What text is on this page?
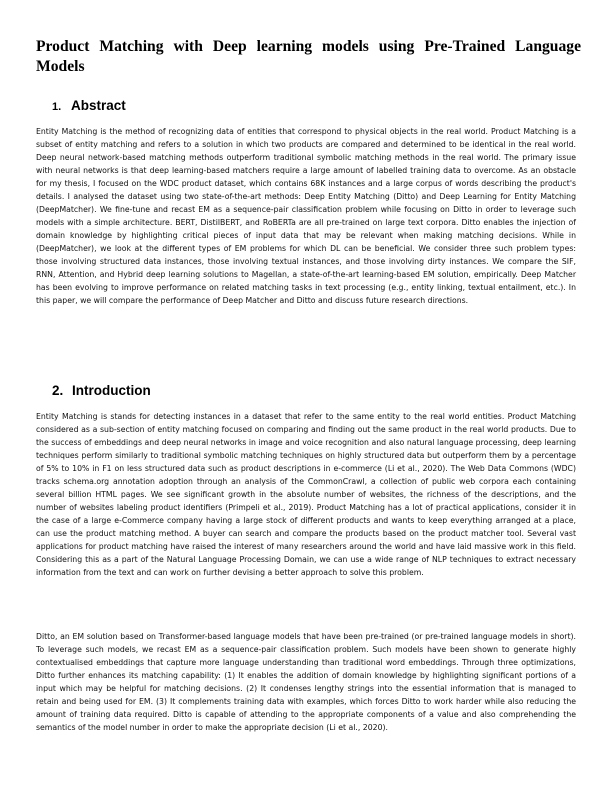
Product Matching with Deep learning models using Pre-Trained Language Models
1. Abstract

Entity Matching is the method of recognizing data of entities that correspond to physical objects in the real world. Product Matching is a subset of entity matching and refers to a solution in which two products are compared and determined to be identical in the real world. Deep neural network-based matching methods outperform traditional symbolic matching methods in the real world. The primary issue with neural networks is that deep learning-based matchers require a large amount of labelled training data to overcome. As an obstacle for my thesis, I focused on the WDC product dataset, which contains 68K instances and a large corpus of words describing the product's details. I analysed the dataset using two state-of-the-art methods: Deep Entity Matching (Ditto) and Deep Learning for Entity Matching (DeepMatcher). We fine-tune and recast EM as a sequence-pair classification problem while focusing on Ditto in order to leverage such models with a simple architecture. BERT, DistilBERT, and RoBERTa are all pre-trained on large text corpora. Ditto enables the injection of domain knowledge by highlighting critical pieces of input data that may be relevant when making matching decisions. While in (DeepMatcher), we look at the different types of EM problems for which DL can be beneficial. We consider three such problem types: those involving structured data instances, those involving textual instances, and those involving dirty instances. We compare the SIF, RNN, Attention, and Hybrid deep learning solutions to Magellan, a state-of-the-art learning-based EM solution, empirically. Deep Matcher has been evolving to improve performance on related matching tasks in text processing (e.g., entity linking, textual entailment, etc.). In this paper, we will compare the performance of Deep Matcher and Ditto and discuss future research directions.

2. Introduction

Entity Matching is stands for detecting instances in a dataset that refer to the same entity to the real world entities. Product Matching considered as a sub-section of entity matching focused on comparing and finding out the same product in the real world products. Due to the success of embeddings and deep neural networks in image and voice recognition and also natural language processing, deep learning techniques perform similarly to traditional symbolic matching techniques on highly structured data but outperform them by a percentage of 5% to 10% in F1 on less structured data such as product descriptions in e-commerce (Li et al., 2020). The Web Data Commons (WDC) tracks schema.org annotation adoption through an analysis of the CommonCrawl, a collection of public web corpora each containing several billion HTML pages. We see significant growth in the absolute number of websites, the richness of the descriptions, and the number of websites labeling product identifiers (Primpeli et al., 2019). Product Matching has a lot of practical applications, consider it in the case of a large e-Commerce company having a large stock of different products and wants to keep everything arranged at a place, can use the product matching method. A buyer can search and compare the products based on the product matcher tool. Several vast applications for product matching have raised the interest of many researchers around the world and have laid massive work in this field. Considering this as a part of the Natural Language Processing Domain, we can use a wide range of NLP techniques to extract necessary information from the text and can work on further devising a better approach to solve this problem.

Ditto, an EM solution based on Transformer-based language models that have been pre-trained (or pre-trained language models in short). To leverage such models, we recast EM as a sequence-pair classification problem. Such models have been shown to generate highly contextualised embeddings that capture more language understanding than traditional word embeddings. Through three optimizations, Ditto further enhances its matching capability: (1) It enables the addition of domain knowledge by highlighting significant portions of a input which may be helpful for matching decisions. (2) It condenses lengthy strings into the essential information that is managed to retain and being used for EM. (3) It complements training data with examples, which forces Ditto to work harder while also reducing the amount of training data required. Ditto is capable of attending to the appropriate components of a value and also comprehending the semantics of the model number in order to make the appropriate decision (Li et al., 2020).
